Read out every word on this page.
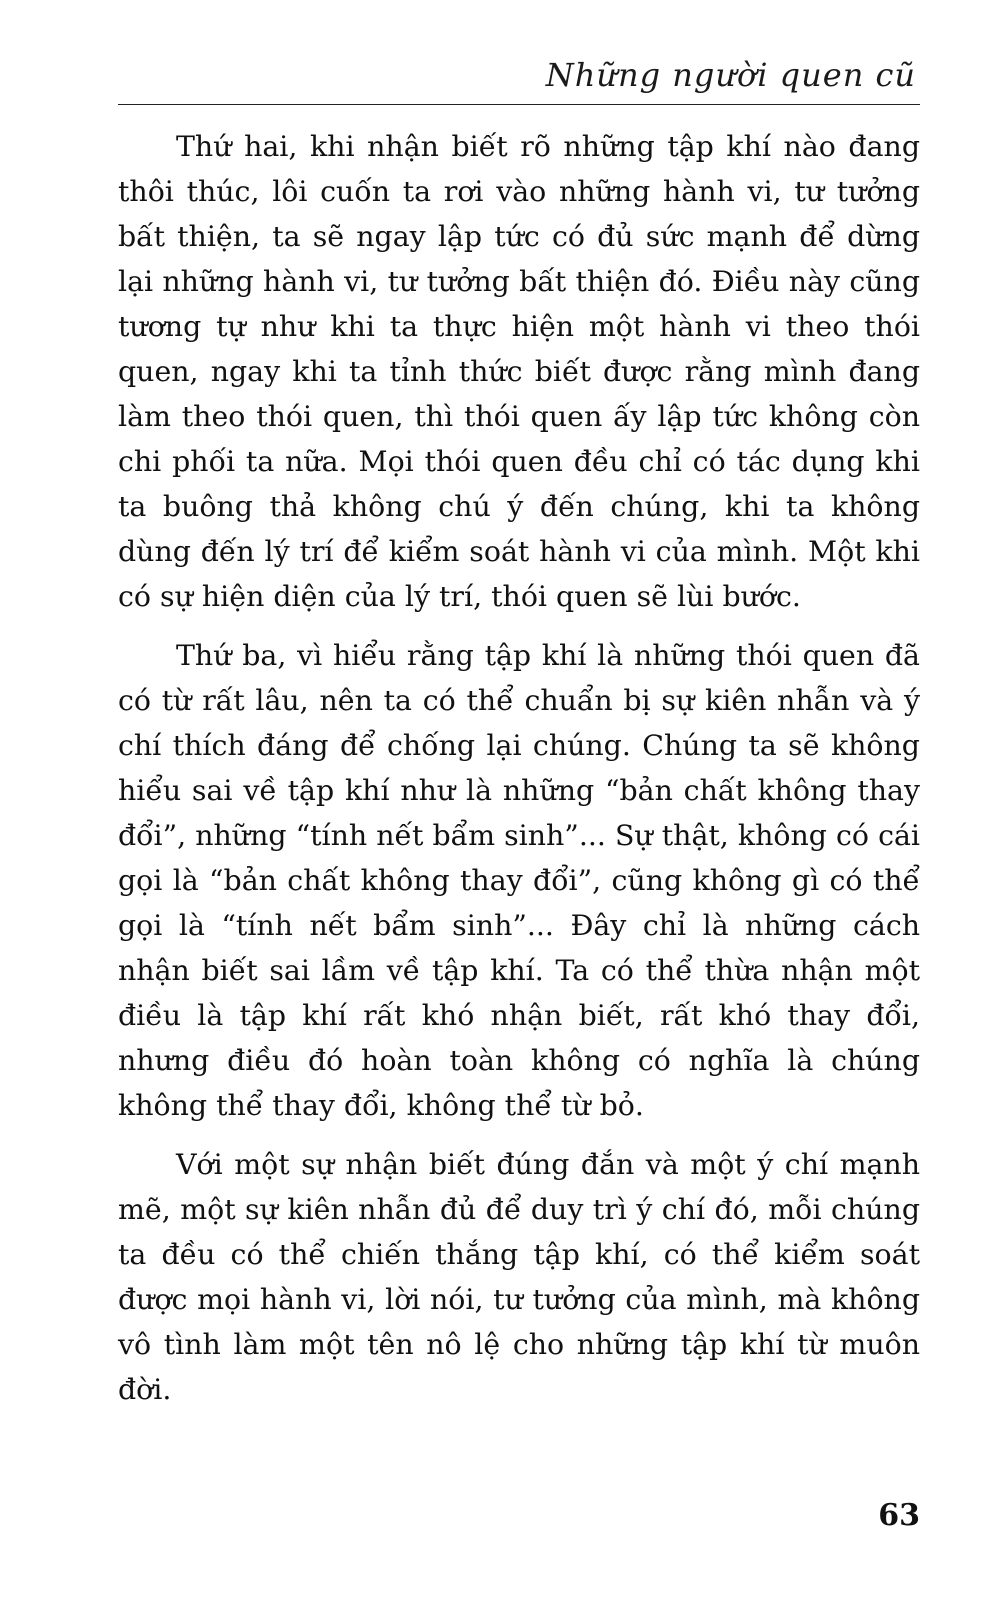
Những người quen cũ

Thứ hai, khi nhận biết rõ những tập khí nào đang thôi thúc, lôi cuốn ta rơi vào những hành vi, tư tưởng bất thiện, ta sẽ ngay lập tức có đủ sức mạnh để dừng lại những hành vi, tư tưởng bất thiện đó. Điều này cũng tương tự như khi ta thực hiện một hành vi theo thói quen, ngay khi ta tỉnh thức biết được rằng mình đang làm theo thói quen, thì thói quen ấy lập tức không còn chi phối ta nữa. Mọi thói quen đều chỉ có tác dụng khi ta buông thả không chú ý đến chúng, khi ta không dùng đến lý trí để kiểm soát hành vi của mình. Một khi có sự hiện diện của lý trí, thói quen sẽ lùi bước.

Thứ ba, vì hiểu rằng tập khí là những thói quen đã có từ rất lâu, nên ta có thể chuẩn bị sự kiên nhẫn và ý chí thích đáng để chống lại chúng. Chúng ta sẽ không hiểu sai về tập khí như là những “bản chất không thay đổi”, những “tính nết bẩm sinh”... Sự thật, không có cái gọi là “bản chất không thay đổi”, cũng không gì có thể gọi là “tính nết bẩm sinh”... Đây chỉ là những cách nhận biết sai lầm về tập khí. Ta có thể thừa nhận một điều là tập khí rất khó nhận biết, rất khó thay đổi, nhưng điều đó hoàn toàn không có nghĩa là chúng không thể thay đổi, không thể từ bỏ.

Với một sự nhận biết đúng đắn và một ý chí mạnh mẽ, một sự kiên nhẫn đủ để duy trì ý chí đó, mỗi chúng ta đều có thể chiến thắng tập khí, có thể kiểm soát được mọi hành vi, lời nói, tư tưởng của mình, mà không vô tình làm một tên nô lệ cho những tập khí từ muôn đời.

63
